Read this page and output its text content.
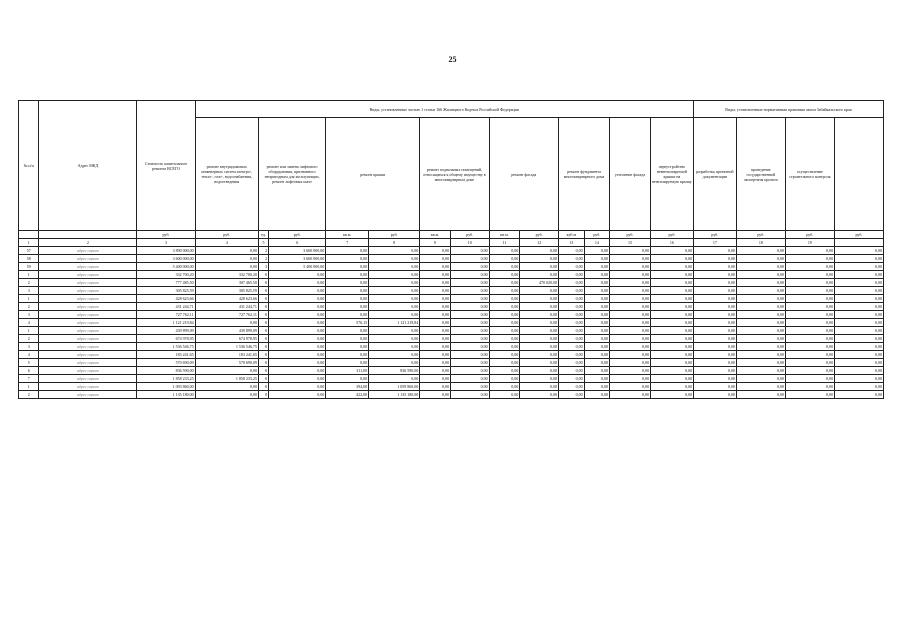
25
№ п/п	Адрес МКД	Стоимость капитального ремонта ВСЕГО	Виды, установленные частью 1 статьи 166 Жилищного Кодекса Российской Федерации													Виды, установленные нормативным правовым актом Забайкальского края			
			ремонт внутридомовых инженерных систем электро-, тепло-, газо-, водоснабжения, водоотведения	ремонт или замена лифтового оборудования, признанного непригодным для эксплуатации, ремонт лифтовых шахт		ремонт крыши		ремонт подвальных помещений, относящихся к общему имуществу в многоквартирном доме		ремонт фасада		ремонт фундамента многоквартирного дома		утепление фасада	переустройство невентилируемой крыши на вентилируемую крышу	разработка проектной документации	проведение государственной экспертизы проекта	осуществление строительного контроля	
		руб.	руб.	ед.	руб.	кв.м.	руб.	кв.м.	руб.	кв.м.	руб.	куб.м	руб.	руб.	руб.	руб.	руб.	руб.	руб.
1	2	3	4	5	6	7	8	9	10	11	12	13	14	15	16	17	18	19	
57	адрес скрыт	3 890 000,00	0,00	2	3 600 000,00	0,00	0,00	0,00	0,00	0,00	0,00	0,00	0,00	0,00	0,00	0,00	0,00	0,00	0,00
58	адрес скрыт	3 600 000,00	0,00	2	3 600 000,00	0,00	0,00	0,00	0,00	0,00	0,00	0,00	0,00	0,00	0,00	0,00	0,00	0,00	0,00
59	адрес скрыт	5 400 000,00	0,00	3	5 400 000,00	0,00	0,00	0,00	0,00	0,00	0,00	0,00	0,00	0,00	0,00	0,00	0,00	0,00	0,00
1	адрес скрыт	332 700,20	332 700,20	0	0,00	0,00	0,00	0,00	0,00	0,00	0,00	0,00	0,00	0,00	0,00	0,00	0,00	0,00	0,00
2	адрес скрыт	777 485,50	307 465,50	0	0,00	0,00	0,00	0,00	0,00	0,00	470 020,00	0,00	0,00	0,00	0,00	0,00	0,00	0,00	0,00
3	адрес скрыт	305 825,59	305 825,59	0	0,00	0,00	0,00	0,00	0,00	0,00	0,00	0,00	0,00	0,00	0,00	0,00	0,00	0,00	0,00
1	адрес скрыт	428 623,66	428 623,66	0	0,00	0,00	0,00	0,00	0,00	0,00	0,00	0,00	0,00	0,00	0,00	0,00	0,00	0,00	0,00
2	адрес скрыт	431 244,71	431 244,71	0	0,00	0,00	0,00	0,00	0,00	0,00	0,00	0,00	0,00	0,00	0,00	0,00	0,00	0,00	0,00
3	адрес скрыт	727 762,11	727 762,11	0	0,00	0,00	0,00	0,00	0,00	0,00	0,00	0,00	0,00	0,00	0,00	0,00	0,00	0,00	0,00
4	адрес скрыт	1 121 219,84	0,00	0	0,00	576,15	1 121 219,84	0,00	0,00	0,00	0,00	0,00	0,00	0,00	0,00	0,00	0,00	0,00	0,00
1	адрес скрыт	439 899,09	439 899,09	0	0,00	0,00	0,00	0,00	0,00	0,00	0,00	0,00	0,00	0,00	0,00	0,00	0,00	0,00	0,00
2	адрес скрыт	674 978,95	674 978,95	0	0,00	0,00	0,00	0,00	0,00	0,00	0,00	0,00	0,00	0,00	0,00	0,00	0,00	0,00	0,00
3	адрес скрыт	1 536 546,75	1 536 546,75	0	0,00	0,00	0,00	0,00	0,00	0,00	0,00	0,00	0,00	0,00	0,00	0,00	0,00	0,00	0,00
4	адрес скрыт	183 241,65	183 241,65	0	0,00	0,00	0,00	0,00	0,00	0,00	0,00	0,00	0,00	0,00	0,00	0,00	0,00	0,00	0,00
5	адрес скрыт	570 690,09	570 690,09	0	0,00	0,00	0,00	0,00	0,00	0,00	0,00	0,00	0,00	0,00	0,00	0,00	0,00	0,00	0,00
6	адрес скрыт	836 590,00	0,00	0	0,00	311,00	836 590,00	0,00	0,00	0,00	0,00	0,00	0,00	0,00	0,00	0,00	0,00	0,00	0,00
7	адрес скрыт	1 858 233,25	1 858 233,25	0	0,00	0,00	0,00	0,00	0,00	0,00	0,00	0,00	0,00	0,00	0,00	0,00	0,00	0,00	0,00
1	адрес скрыт	1 093 860,00	0,00	0	0,00	394,00	1 059 860,00	0,00	0,00	0,00	0,00	0,00	0,00	0,00	0,00	0,00	0,00	0,00	0,00
2	адрес скрыт	1 135 180,00	0,00	0	0,00	422,00	1 135 180,00	0,00	0,00	0,00	0,00	0,00	0,00	0,00	0,00	0,00	0,00	0,00	0,00
